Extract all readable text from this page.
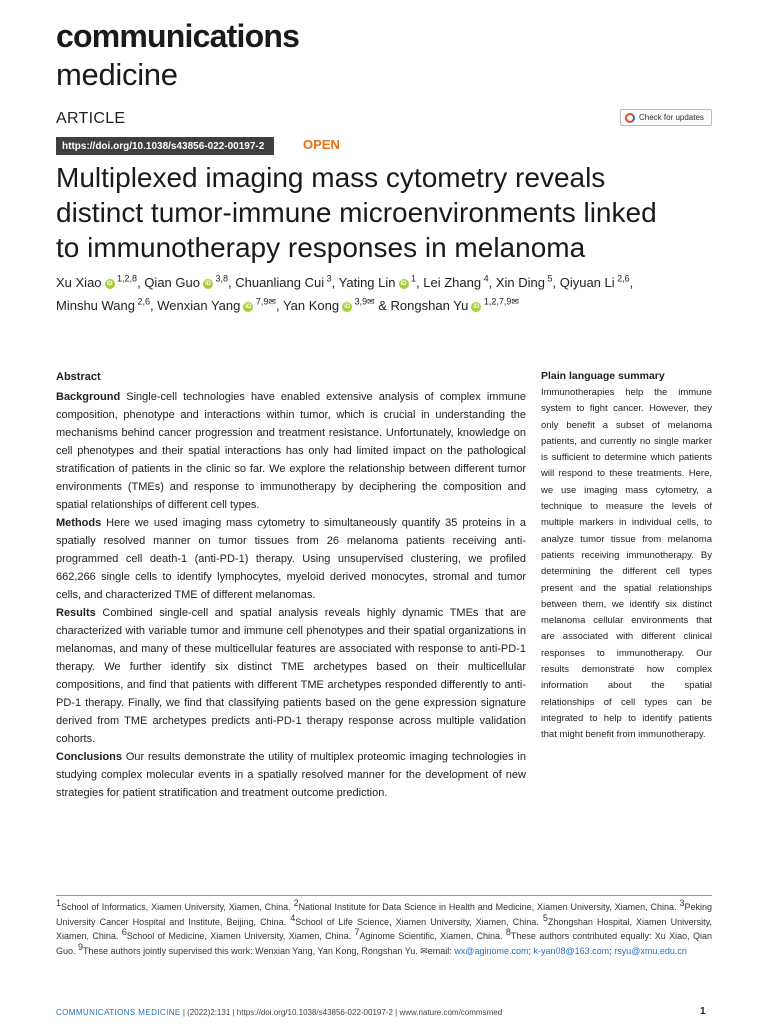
communications
medicine
ARTICLE	Check for updates
https://doi.org/10.1038/s43856-022-00197-2	OPEN
Multiplexed imaging mass cytometry reveals
distinct tumor-immune microenvironments linked
to immunotherapy responses in melanoma
Xu Xiao iD $^{1,2,8}$, Qian Guo iD $^{3,8}$, Chuanliang Cui $^3$, Yating Lin iD $^1$, Lei Zhang $^4$, Xin Ding $^5$, Qiyuan Li $^{2,6}$,
Minshu Wang $^{2,6}$, Wenxian Yang iD $^{7,9✉}$, Yan Kong iD $^{3,9✉}$ & Rongshan Yu iD $^{1,2,7,9✉}$
Abstract

Background Single-cell technologies have enabled extensive analysis of complex immune composition, phenotype and interactions within tumor, which is crucial in understanding the mechanisms behind cancer progression and treatment resistance. Unfortunately, knowledge on cell phenotypes and their spatial interactions has only had limited impact on the pathological stratification of patients in the clinic so far. We explore the relationship between different tumor environments (TMEs) and response to immunotherapy by deciphering the composition and spatial relationships of different cell types.

Methods Here we used imaging mass cytometry to simultaneously quantify 35 proteins in a spatially resolved manner on tumor tissues from 26 melanoma patients receiving anti-programmed cell death-1 (anti-PD-1) therapy. Using unsupervised clustering, we profiled 662,266 single cells to identify lymphocytes, myeloid derived monocytes, stromal and tumor cells, and characterized TME of different melanomas.

Results Combined single-cell and spatial analysis reveals highly dynamic TMEs that are characterized with variable tumor and immune cell phenotypes and their spatial organizations in melanomas, and many of these multicellular features are associated with response to anti-PD-1 therapy. We further identify six distinct TME archetypes based on their multicellular compositions, and find that patients with different TME archetypes responded differently to anti-PD-1 therapy. Finally, we find that classifying patients based on the gene expression signature derived from TME archetypes predicts anti-PD-1 therapy response across multiple validation cohorts.

Conclusions Our results demonstrate the utility of multiplex proteomic imaging technologies in studying complex molecular events in a spatially resolved manner for the development of new strategies for patient stratification and treatment outcome prediction.

Plain language summary
Immunotherapies help the immune system to fight cancer. However, they only benefit a subset of melanoma patients, and currently no single marker is sufficient to determine which patients will respond to these treatments. Here, we use imaging mass cytometry, a technique to measure the levels of multiple markers in individual cells, to analyze tumor tissue from melanoma patients receiving immunotherapy. By determining the different cell types present and the spatial relationships between them, we identify six distinct melanoma cellular environments that are associated with different clinical responses to immunotherapy. Our results demonstrate how complex information about the spatial relationships of cell types can be integrated to help to identify patients that might benefit from immunotherapy.
$^1$School of Informatics, Xiamen University, Xiamen, China. $^2$National Institute for Data Science in Health and Medicine, Xiamen University, Xiamen, China. $^3$Peking University Cancer Hospital and Institute, Beijing, China. $^4$School of Life Science, Xiamen University, Xiamen, China. $^5$Zhongshan Hospital, Xiamen University, Xiamen, China. $^6$School of Medicine, Xiamen University, Xiamen, China. $^7$Aginome Scientific, Xiamen, China. $^8$These authors contributed equally: Xu Xiao, Qian Guo. $^9$These authors jointly supervised this work: Wenxian Yang, Yan Kong, Rongshan Yu. ✉email: wx@aginome.com; k-yan08@163.com; rsyu@xmu.edu.cn
COMMUNICATIONS MEDICINE | (2022)2:131 | https://doi.org/10.1038/s43856-022-00197-2 | www.nature.com/commsmed	1
